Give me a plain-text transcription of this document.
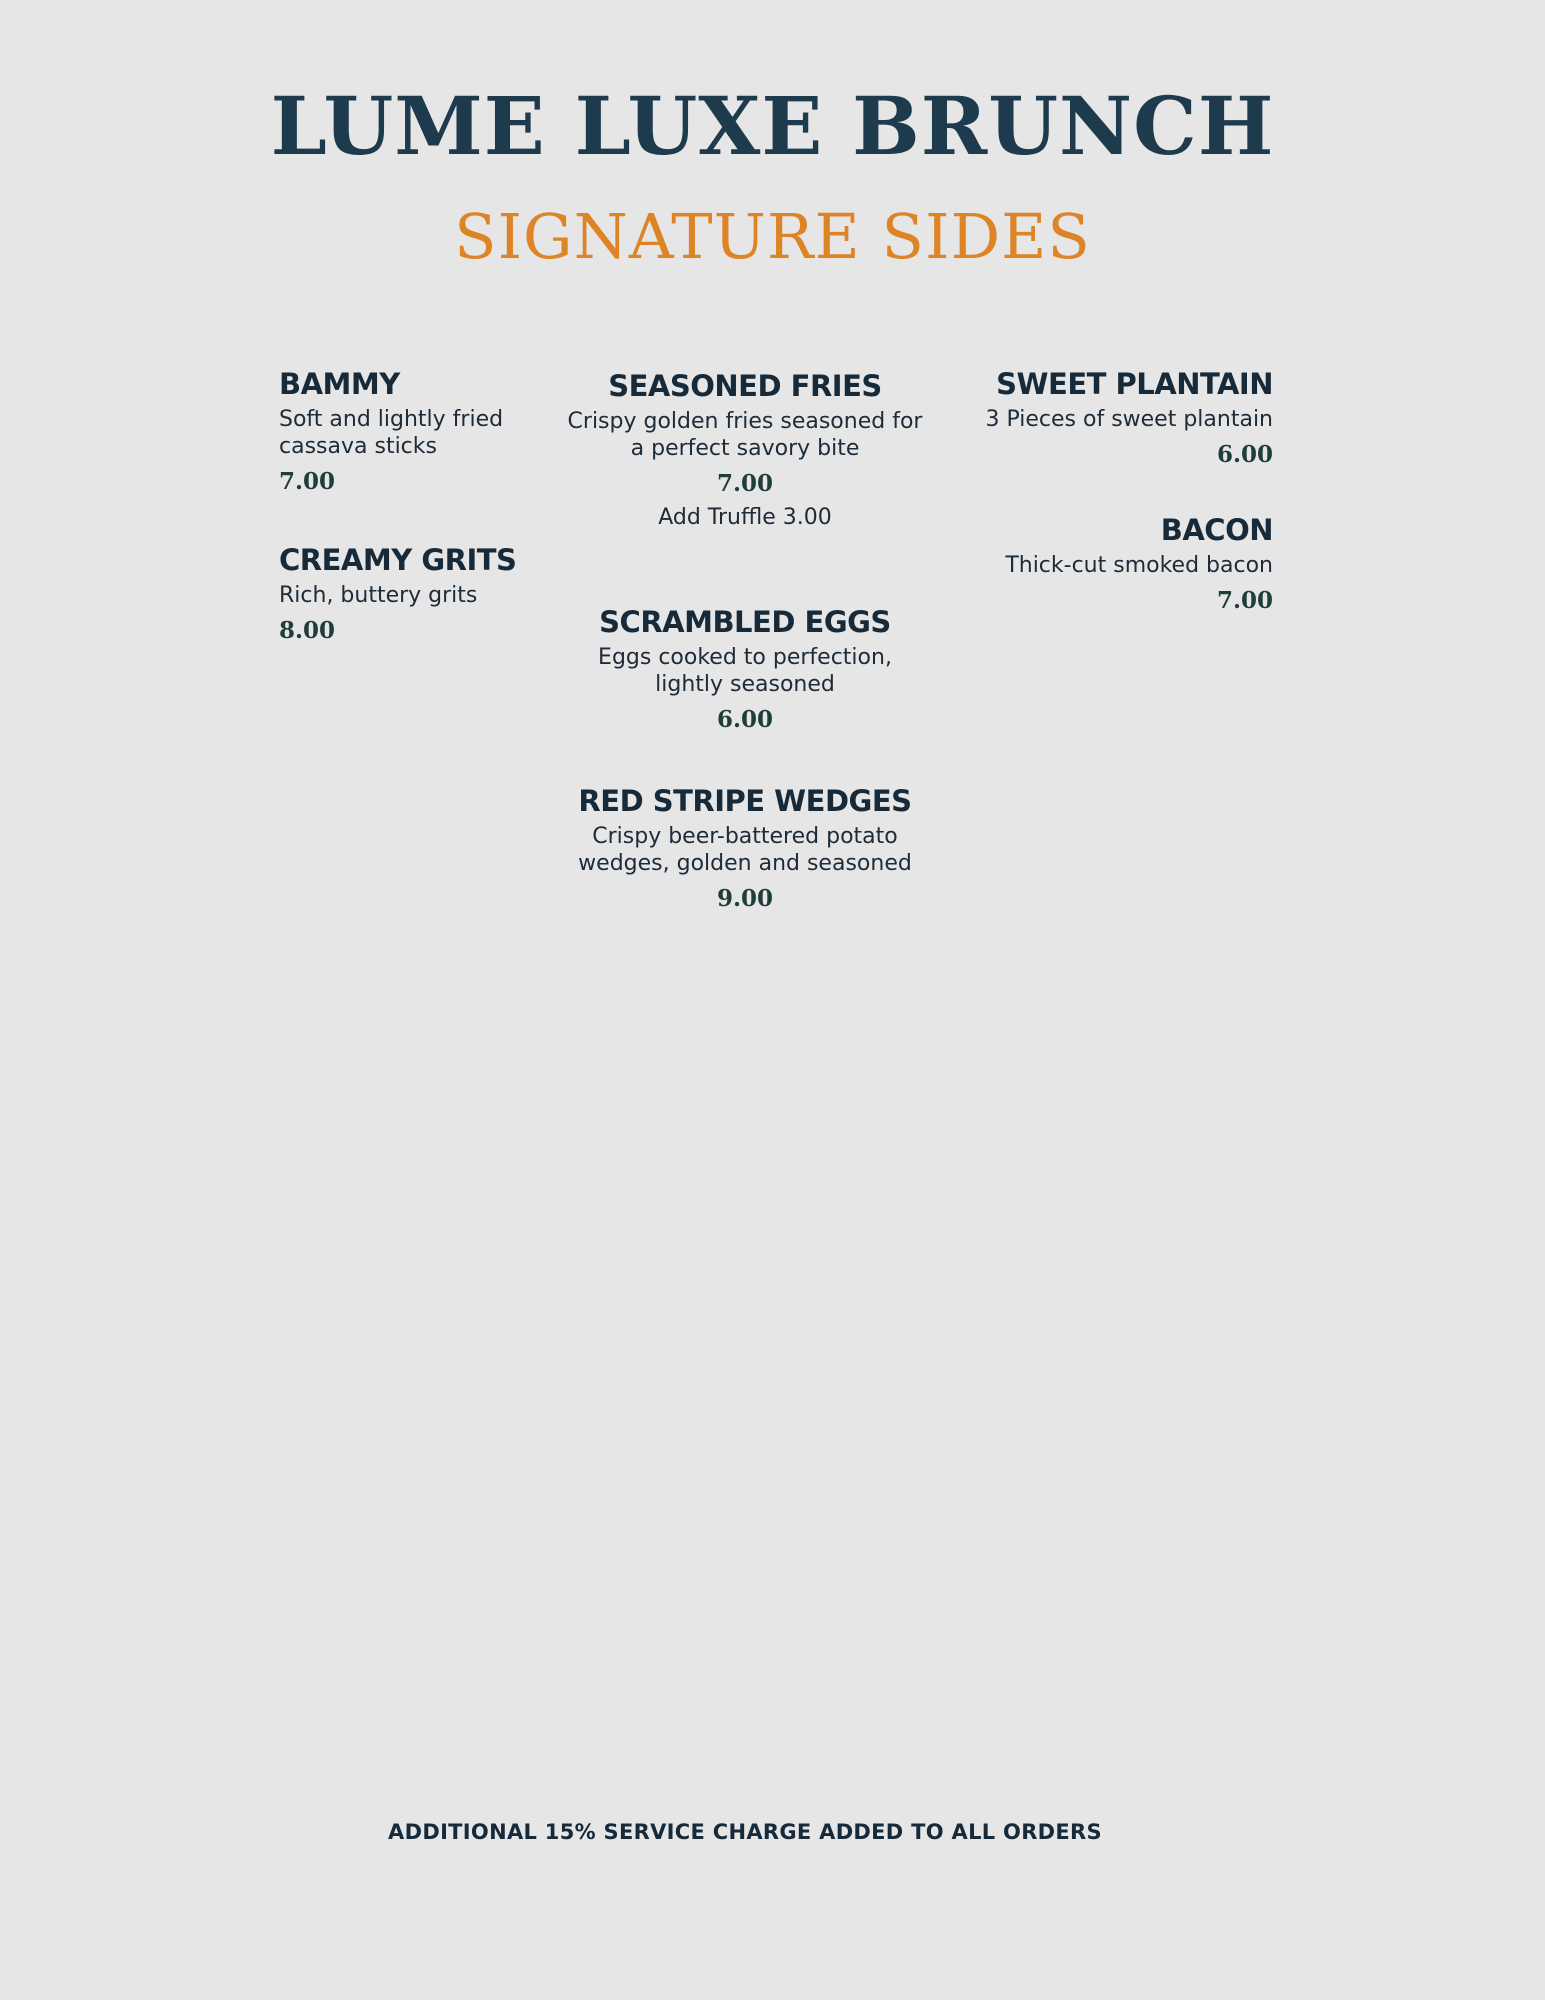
LUME LUXE BRUNCH
SIGNATURE SIDES
BAMMY
Soft and lightly fried
cassava sticks
7.00
CREAMY GRITS
Rich, buttery grits
8.00
SEASONED FRIES
Crispy golden fries seasoned for
a perfect savory bite
7.00
Add Truffle 3.00
SCRAMBLED EGGS
Eggs cooked to perfection,
lightly seasoned
6.00
RED STRIPE WEDGES
Crispy beer-battered potato
wedges, golden and seasoned
9.00
SWEET PLANTAIN
3 Pieces of sweet plantain
6.00
BACON
Thick-cut smoked bacon
7.00
ADDITIONAL 15% SERVICE CHARGE ADDED TO ALL ORDERS
